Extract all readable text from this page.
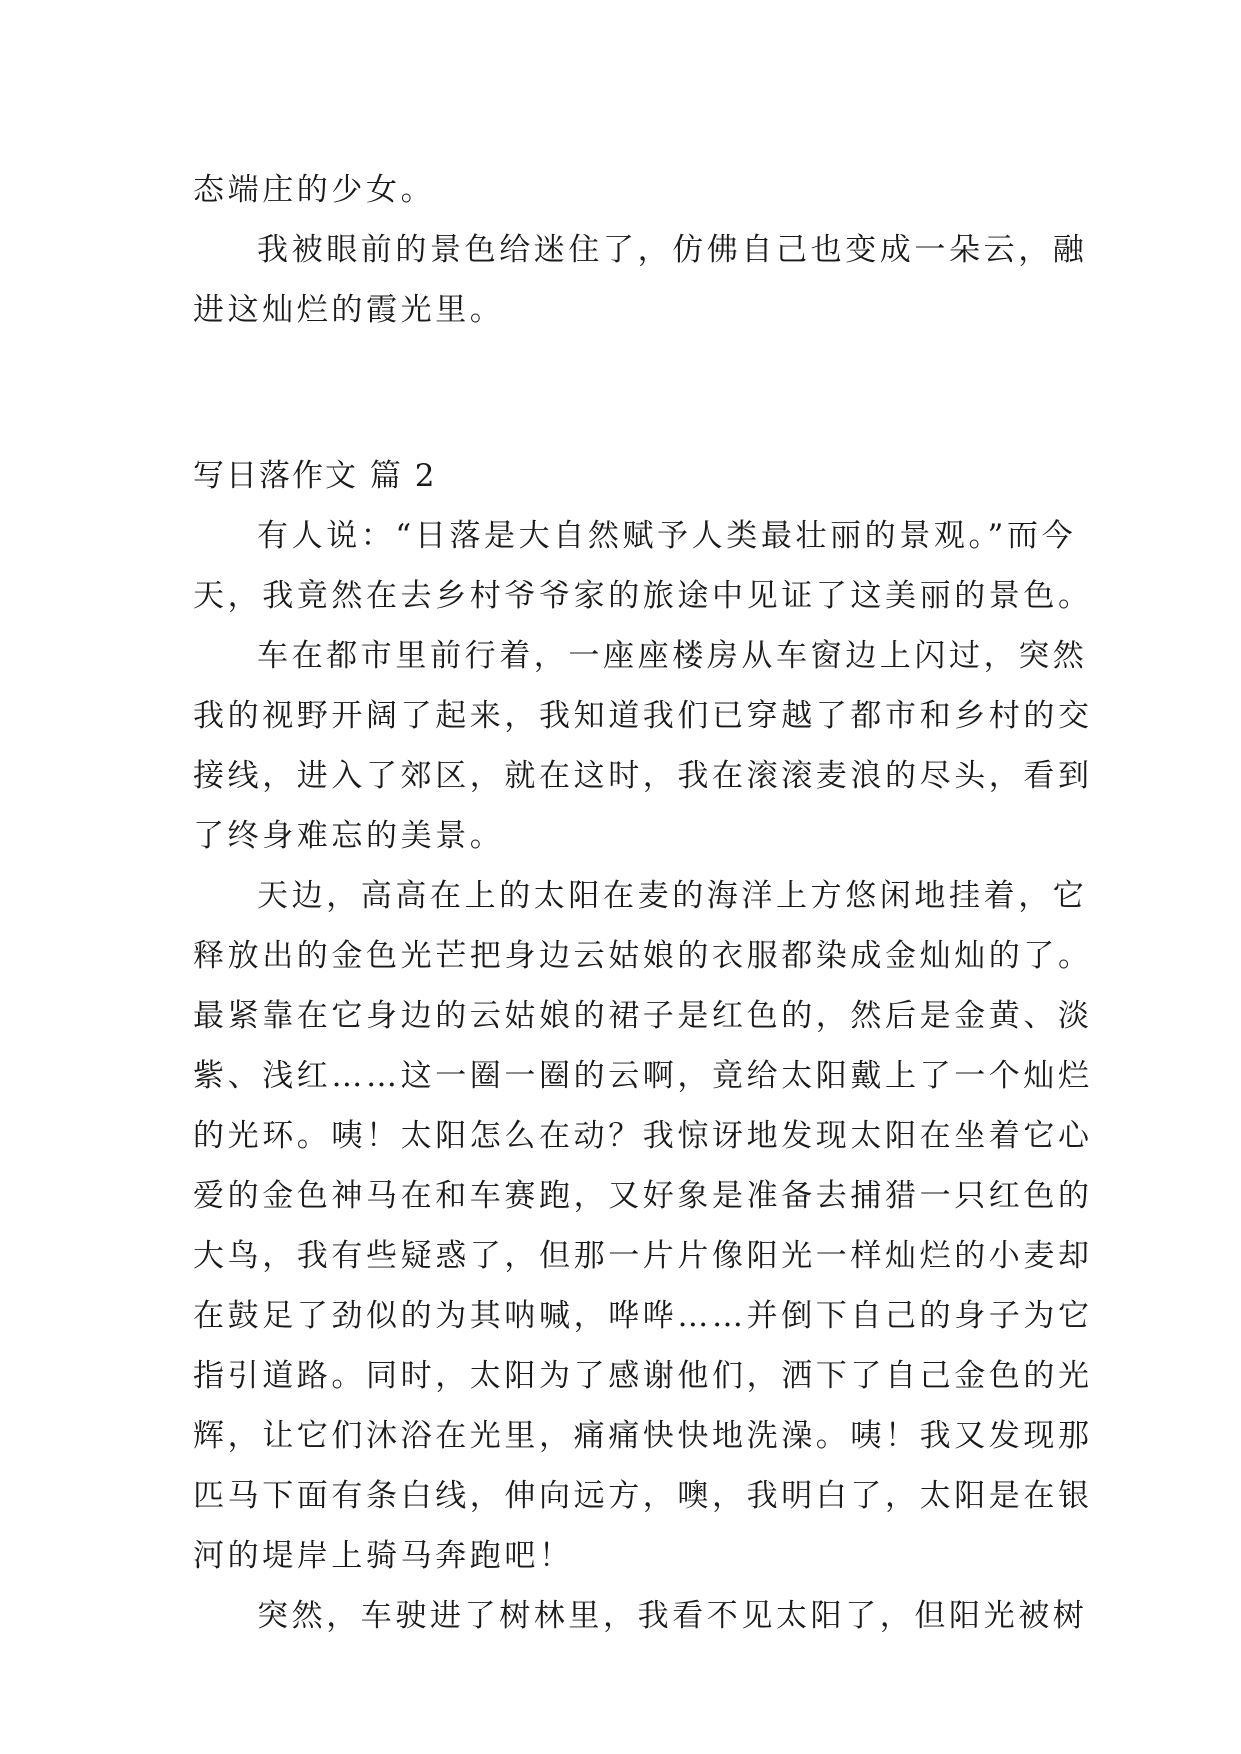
态端庄的少女。
我被眼前的景色给迷住了，仿佛自己也变成一朵云，融
进这灿烂的霞光里。
写日落作文 篇 2
有人说：“日落是大自然赋予人类最壮丽的景观。”而今
天，我竟然在去乡村爷爷家的旅途中见证了这美丽的景色。
车在都市里前行着，一座座楼房从车窗边上闪过，突然
我的视野开阔了起来，我知道我们已穿越了都市和乡村的交
接线，进入了郊区，就在这时，我在滚滚麦浪的尽头，看到
了终身难忘的美景。
天边，高高在上的太阳在麦的海洋上方悠闲地挂着，它
释放出的金色光芒把身边云姑娘的衣服都染成金灿灿的了。
最紧靠在它身边的云姑娘的裙子是红色的，然后是金黄、淡
紫、浅红……这一圈一圈的云啊，竟给太阳戴上了一个灿烂
的光环。咦！太阳怎么在动？我惊讶地发现太阳在坐着它心
爱的金色神马在和车赛跑，又好象是准备去捕猎一只红色的
大鸟，我有些疑惑了，但那一片片像阳光一样灿烂的小麦却
在鼓足了劲似的为其呐喊，哗哗……并倒下自己的身子为它
指引道路。同时，太阳为了感谢他们，洒下了自己金色的光
辉，让它们沐浴在光里，痛痛快快地洗澡。咦！我又发现那
匹马下面有条白线，伸向远方，噢，我明白了，太阳是在银
河的堤岸上骑马奔跑吧！
突然，车驶进了树林里，我看不见太阳了，但阳光被树
